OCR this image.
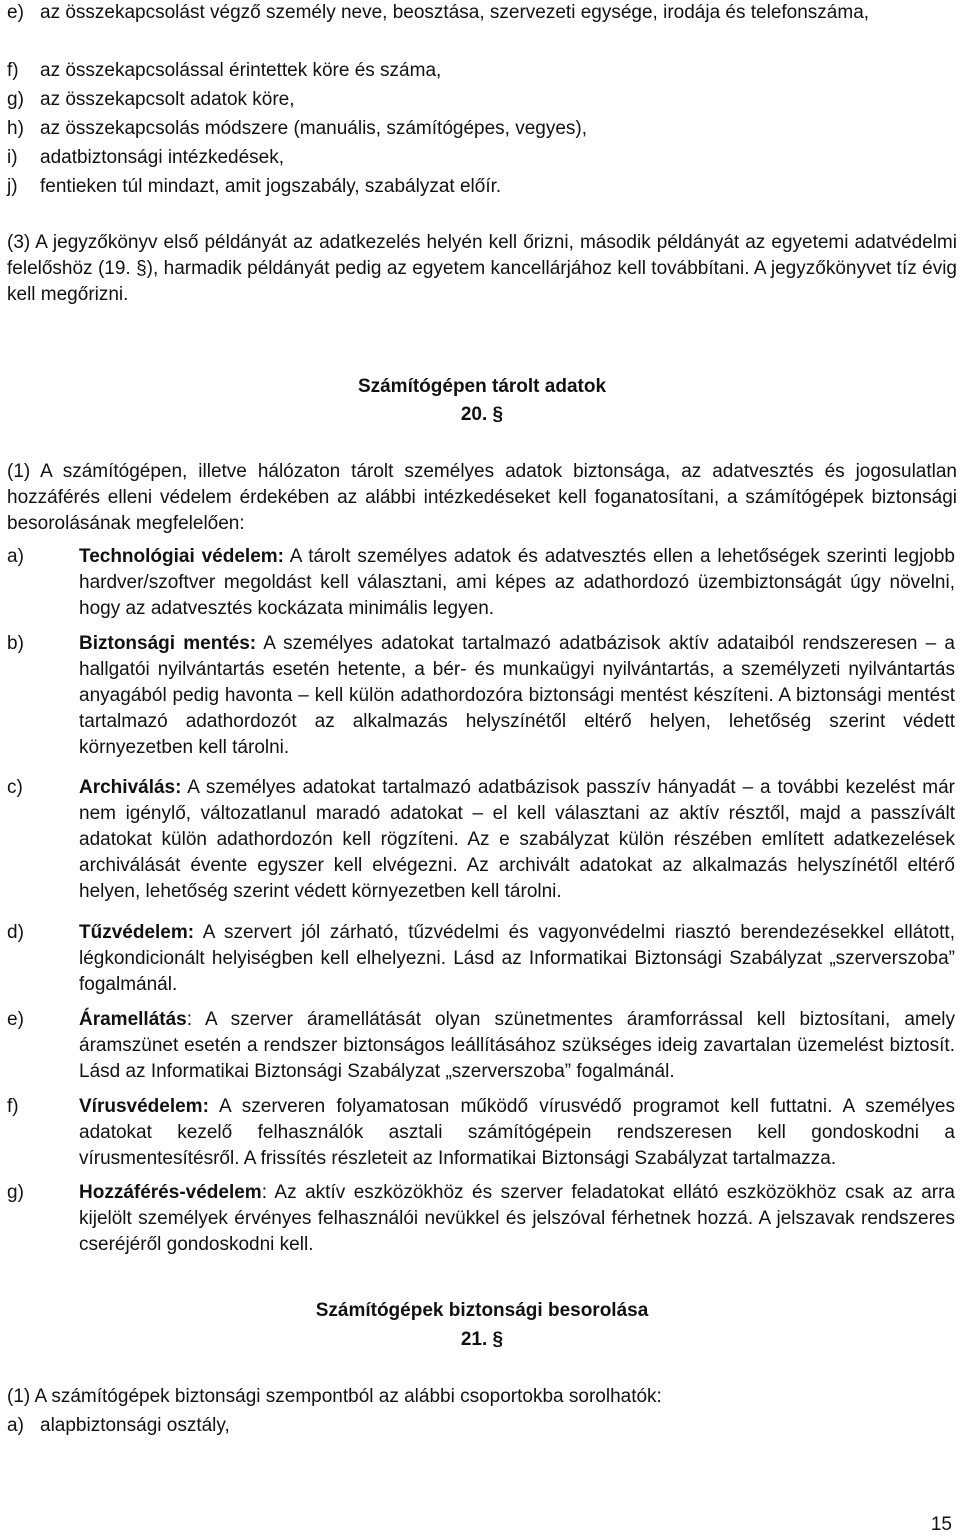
e) az összekapcsolást végző személy neve, beosztása, szervezeti egysége, irodája és telefonszáma,
f) az összekapcsolással érintettek köre és száma,
g) az összekapcsolt adatok köre,
h) az összekapcsolás módszere (manuális, számítógépes, vegyes),
i) adatbiztonsági intézkedések,
j) fentieken túl mindazt, amit jogszabály, szabályzat előír.
(3) A jegyzőkönyv első példányát az adatkezelés helyén kell őrizni, második példányát az egyetemi adatvédelmi felelőshöz (19. §), harmadik példányát pedig az egyetem kancellárjához kell továbbítani. A jegyzőkönyvet tíz évig kell megőrizni.
Számítógépen tárolt adatok
20. §
(1) A számítógépen, illetve hálózaton tárolt személyes adatok biztonsága, az adatvesztés és jogosulatlan hozzáférés elleni védelem érdekében az alábbi intézkedéseket kell foganatosítani, a számítógépek biztonsági besorolásának megfelelően:
a)	Technológiai védelem: A tárolt személyes adatok és adatvesztés ellen a lehetőségek szerinti legjobb hardver/szoftver megoldást kell választani, ami képes az adathordozó üzembiztonságát úgy növelni, hogy az adatvesztés kockázata minimális legyen.
b)	Biztonsági mentés: A személyes adatokat tartalmazó adatbázisok aktív adataiból rendszeresen – a hallgatói nyilvántartás esetén hetente, a bér- és munkaügyi nyilvántartás, a személyzeti nyilvántartás anyagából pedig havonta – kell külön adathordozóra biztonsági mentést készíteni. A biztonsági mentést tartalmazó adathordozót az alkalmazás helyszínétől eltérő helyen, lehetőség szerint védett környezetben kell tárolni.
c)	Archiválás: A személyes adatokat tartalmazó adatbázisok passzív hányadát – a további kezelést már nem igénylő, változatlanul maradó adatokat – el kell választani az aktív résztől, majd a passzívált adatokat külön adathordozón kell rögzíteni. Az e szabályzat külön részében említett adatkezelések archiválását évente egyszer kell elvégezni. Az archivált adatokat az alkalmazás helyszínétől eltérő helyen, lehetőség szerint védett környezetben kell tárolni.
d)	Tűzvédelem: A szervert jól zárható, tűzvédelmi és vagyonvédelmi riasztó berendezésekkel ellátott, légkondicionált helyiségben kell elhelyezni. Lásd az Informatikai Biztonsági Szabályzat „szerverszoba” fogalmánál.
e)	Áramellátás: A szerver áramellátását olyan szünetmentes áramforrással kell biztosítani, amely áramszünet esetén a rendszer biztonságos leállításához szükséges ideig zavartalan üzemelést biztosít. Lásd az Informatikai Biztonsági Szabályzat „szerverszoba” fogalmánál.
f)	Vírusvédelem: A szerveren folyamatosan működő vírusvédő programot kell futtatni. A személyes adatokat kezelő felhasználók asztali számítógépein rendszeresen kell gondoskodni a vírusmentesítésről. A frissítés részleteit az Informatikai Biztonsági Szabályzat tartalmazza.
g)	Hozzáférés-védelem: Az aktív eszközökhöz és szerver feladatokat ellátó eszközökhöz csak az arra kijelölt személyek érvényes felhasználói nevükkel és jelszóval férhetnek hozzá. A jelszavak rendszeres cseréjéről gondoskodni kell.
Számítógépek biztonsági besorolása
21. §
(1) A számítógépek biztonsági szempontból az alábbi csoportokba sorolhatók:
a) alapbiztonsági osztály,
15
